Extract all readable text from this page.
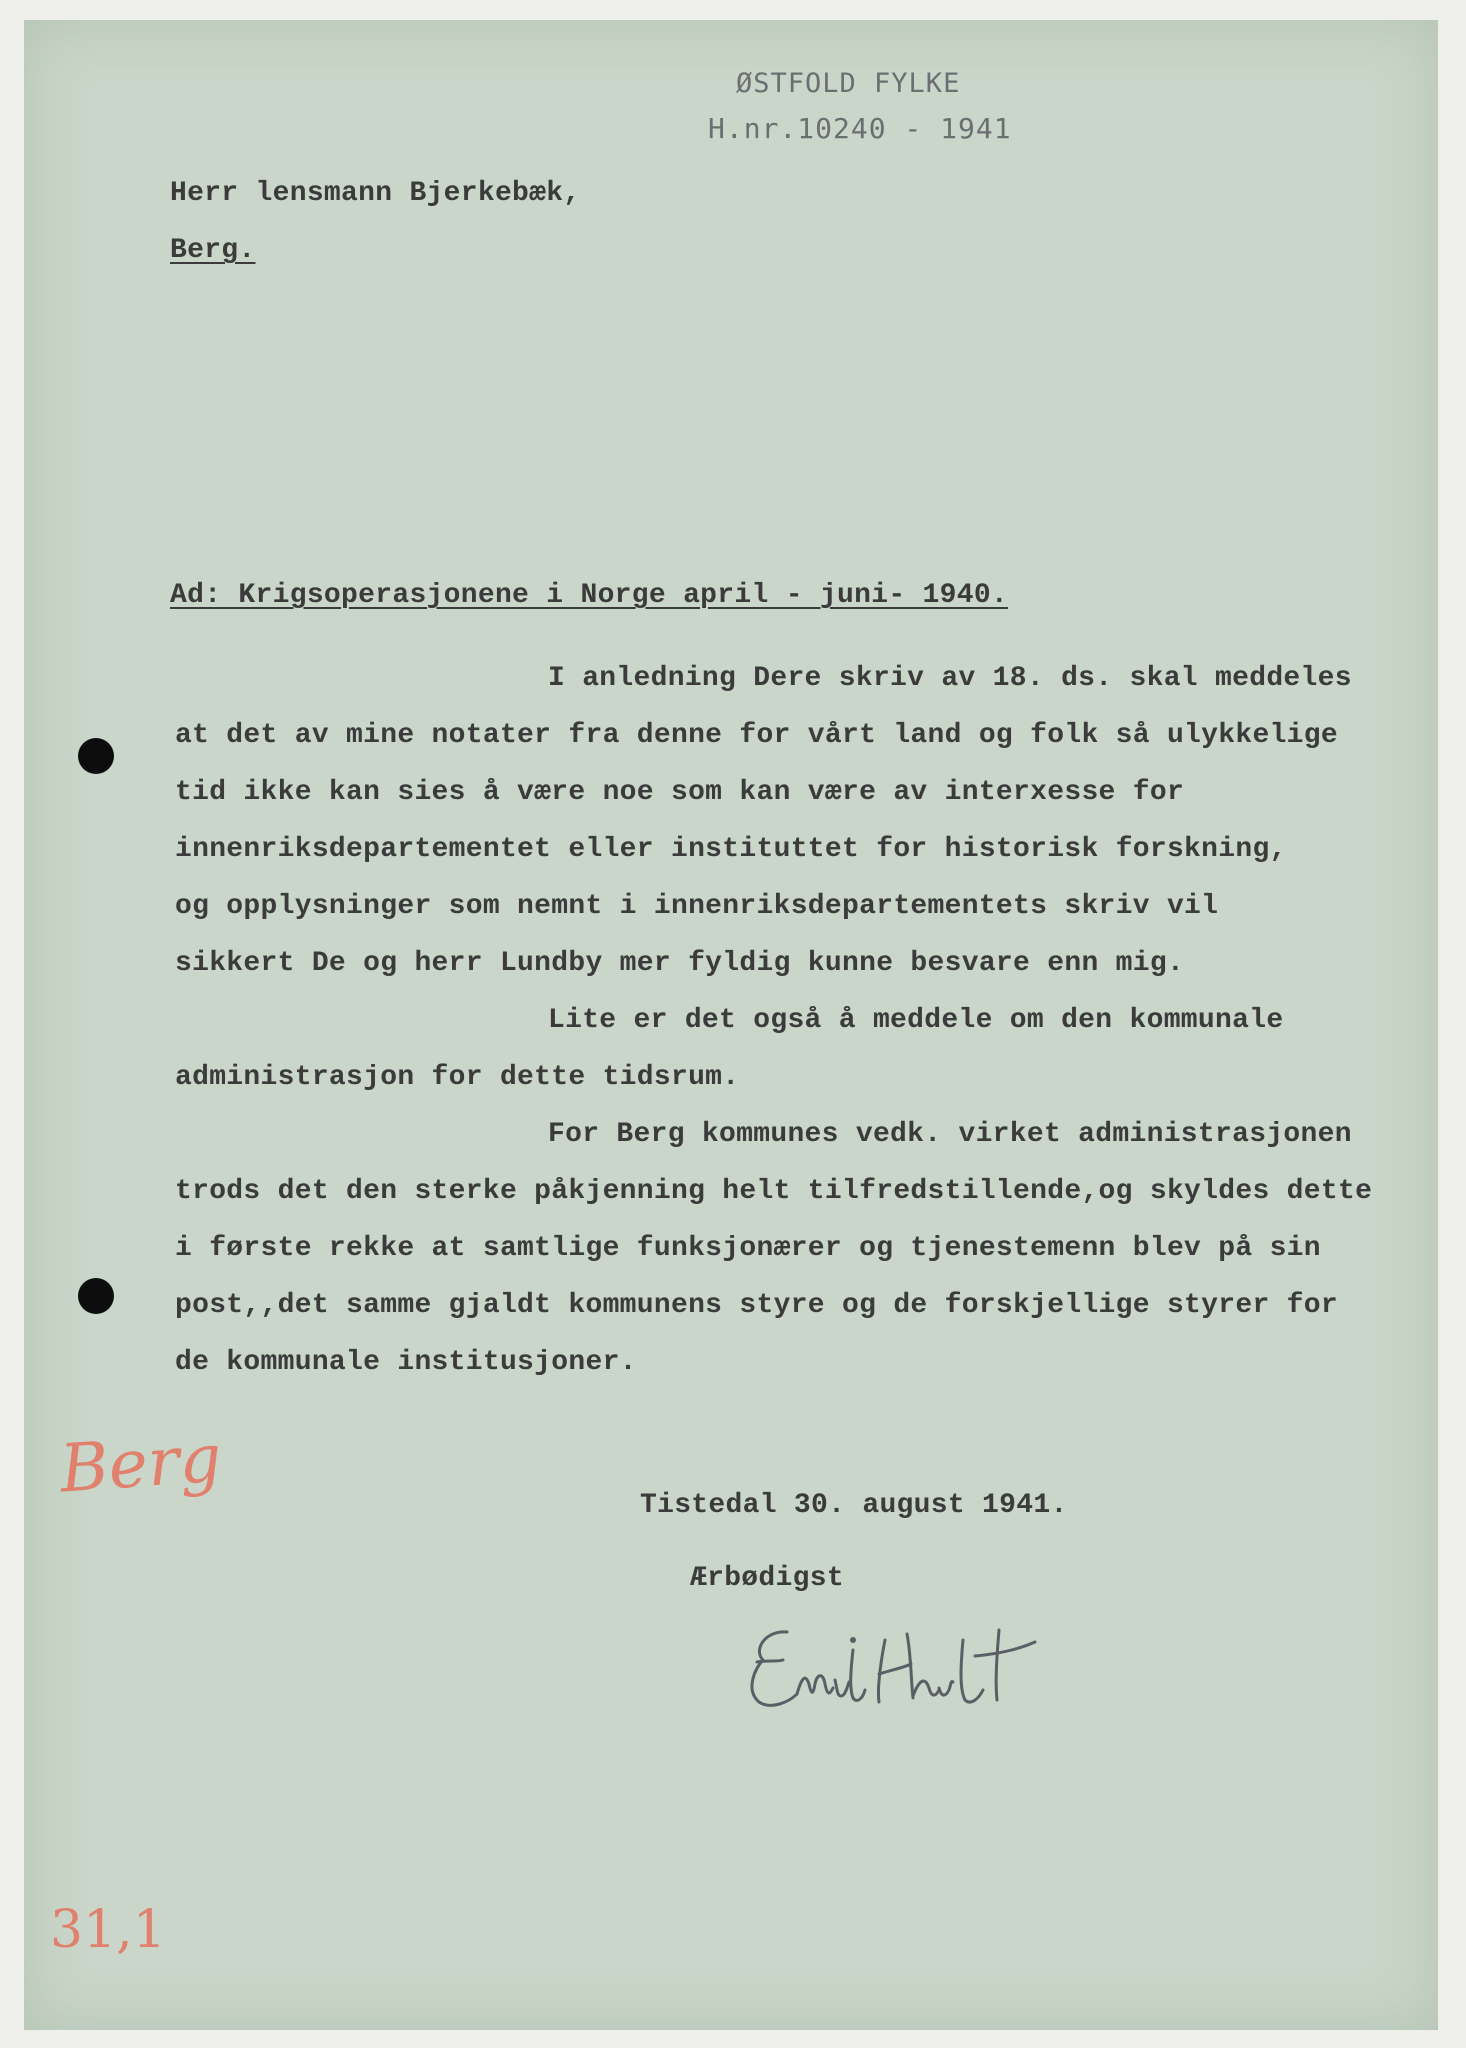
ØSTFOLD FYLKE
H.nr.10240 - 1941
Herr lensmann Bjerkebæk,
Berg.
Ad: Krigsoperasjonene i Norge april - juni- 1940.
I anledning Dere skriv av 18. ds. skal meddeles
at det av mine notater fra denne for vårt land og folk så ulykkelige
tid ikke kan sies å være noe som kan være av interxesse for
innenriksdepartementet eller instituttet for historisk forskning,
og opplysninger som nemnt i innenriksdepartementets skriv vil
sikkert De og herr Lundby mer fyldig kunne besvare enn mig.
Lite er det også å meddele om den kommunale
administrasjon for dette tidsrum.
For Berg kommunes vedk. virket administrasjonen
trods det den sterke påkjenning helt tilfredstillende,og skyldes dette
i første rekke at samtlige funksjonærer og tjenestemenn blev på sin
post,,det samme gjaldt kommunens styre og de forskjellige styrer for
de kommunale institusjoner.
Tistedal 30. august 1941.
Ærbødigst
Berg
31,1
